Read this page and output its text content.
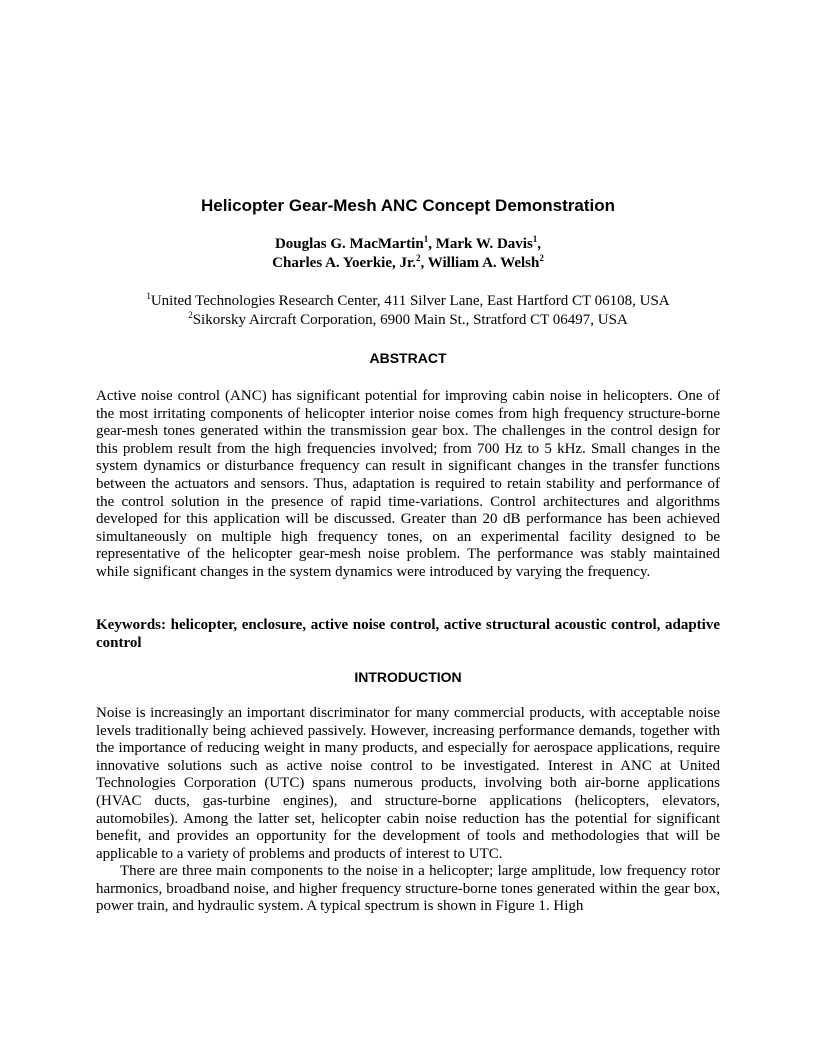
Helicopter Gear-Mesh ANC Concept Demonstration
Douglas G. MacMartin$^1$, Mark W. Davis$^1$,
Charles A. Yoerkie, Jr.$^2$, William A. Welsh$^2$
$^1$United Technologies Research Center, 411 Silver Lane, East Hartford CT 06108, USA
$^2$Sikorsky Aircraft Corporation, 6900 Main St., Stratford CT 06497, USA
ABSTRACT

Active noise control (ANC) has significant potential for improving cabin noise in helicopters. One of the most irritating components of helicopter interior noise comes from high frequency structure-borne gear-mesh tones generated within the transmission gear box. The challenges in the control design for this problem result from the high frequencies involved; from 700 Hz to 5 kHz. Small changes in the system dynamics or disturbance frequency can result in significant changes in the transfer functions between the actuators and sensors. Thus, adaptation is required to retain stability and performance of the control solution in the presence of rapid time-variations. Control architectures and algorithms developed for this application will be discussed. Greater than 20 dB performance has been achieved simultaneously on multiple high frequency tones, on an experimental facility designed to be representative of the helicopter gear-mesh noise problem. The performance was stably maintained while significant changes in the system dynamics were introduced by varying the frequency.

Keywords: helicopter, enclosure, active noise control, active structural acoustic control, adaptive control

INTRODUCTION

Noise is increasingly an important discriminator for many commercial products, with acceptable noise levels traditionally being achieved passively. However, increasing performance demands, together with the importance of reducing weight in many products, and especially for aerospace applications, require innovative solutions such as active noise control to be investigated. Interest in ANC at United Technologies Corporation (UTC) spans numerous products, involving both air-borne applications (HVAC ducts, gas-turbine engines), and structure-borne applications (helicopters, elevators, automobiles). Among the latter set, helicopter cabin noise reduction has the potential for significant benefit, and provides an opportunity for the development of tools and methodologies that will be applicable to a variety of problems and products of interest to UTC.

There are three main components to the noise in a helicopter; large amplitude, low frequency rotor harmonics, broadband noise, and higher frequency structure-borne tones generated within the gear box, power train, and hydraulic system. A typical spectrum is shown in Figure 1. High
